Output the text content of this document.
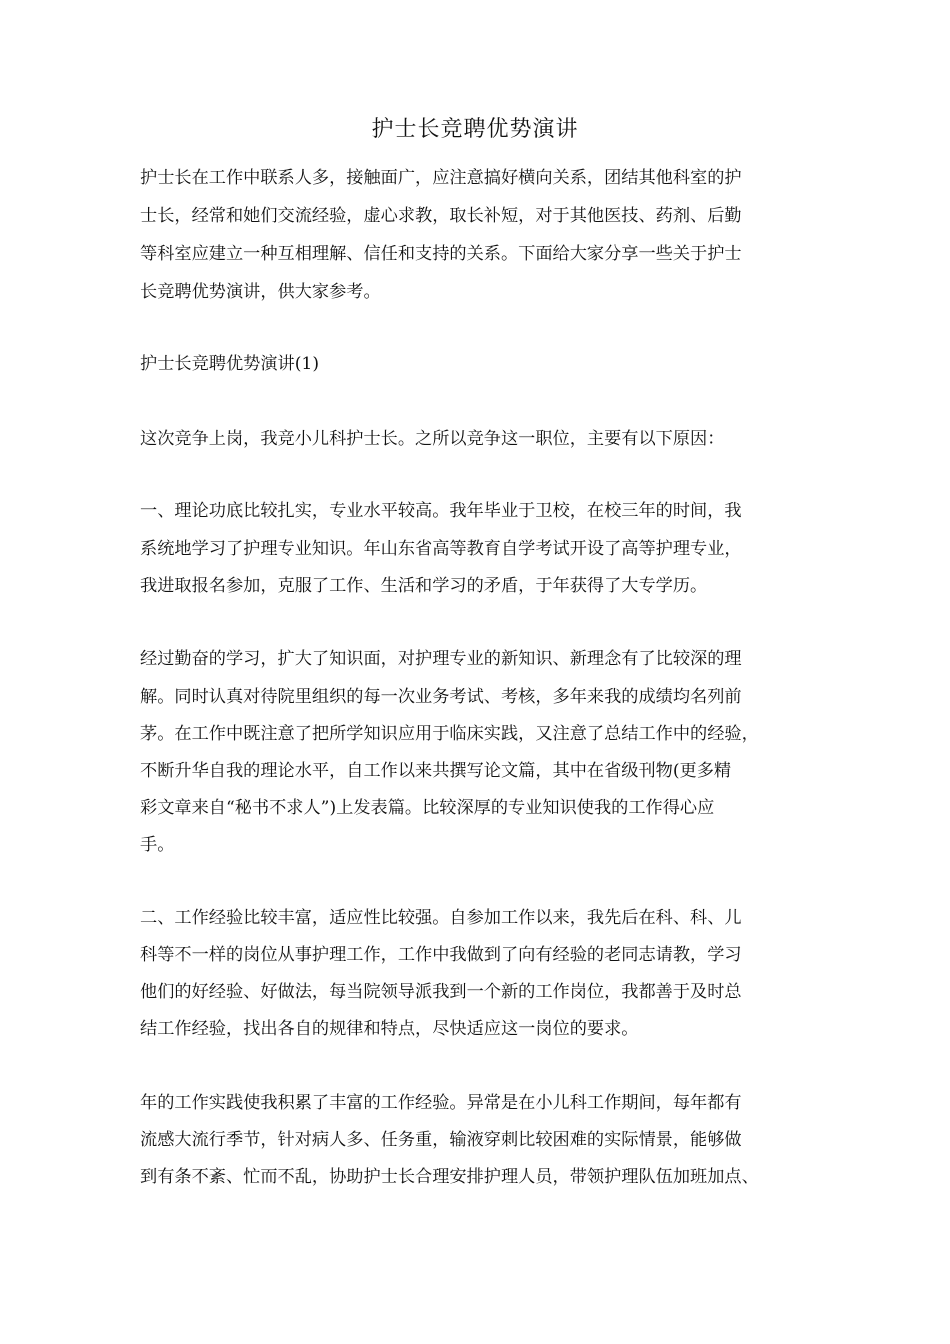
护士长竞聘优势演讲
护士长在工作中联系人多，接触面广，应注意搞好横向关系，团结其他科室的护
士长，经常和她们交流经验，虚心求教，取长补短，对于其他医技、药剂、后勤
等科室应建立一种互相理解、信任和支持的关系。下面给大家分享一些关于护士
长竞聘优势演讲，供大家参考。
护士长竞聘优势演讲(1)
这次竞争上岗，我竞小儿科护士长。之所以竞争这一职位，主要有以下原因：
一、理论功底比较扎实，专业水平较高。我年毕业于卫校，在校三年的时间，我
系统地学习了护理专业知识。年山东省高等教育自学考试开设了高等护理专业，
我进取报名参加，克服了工作、生活和学习的矛盾，于年获得了大专学历。
经过勤奋的学习，扩大了知识面，对护理专业的新知识、新理念有了比较深的理
解。同时认真对待院里组织的每一次业务考试、考核，多年来我的成绩均名列前
茅。在工作中既注意了把所学知识应用于临床实践，又注意了总结工作中的经验，
不断升华自我的理论水平，自工作以来共撰写论文篇，其中在省级刊物(更多精
彩文章来自“秘书不求人”)上发表篇。比较深厚的专业知识使我的工作得心应
手。
二、工作经验比较丰富，适应性比较强。自参加工作以来，我先后在科、科、儿
科等不一样的岗位从事护理工作，工作中我做到了向有经验的老同志请教，学习
他们的好经验、好做法，每当院领导派我到一个新的工作岗位，我都善于及时总
结工作经验，找出各自的规律和特点，尽快适应这一岗位的要求。
年的工作实践使我积累了丰富的工作经验。异常是在小儿科工作期间，每年都有
流感大流行季节，针对病人多、任务重，输液穿刺比较困难的实际情景，能够做
到有条不紊、忙而不乱，协助护士长合理安排护理人员，带领护理队伍加班加点、
